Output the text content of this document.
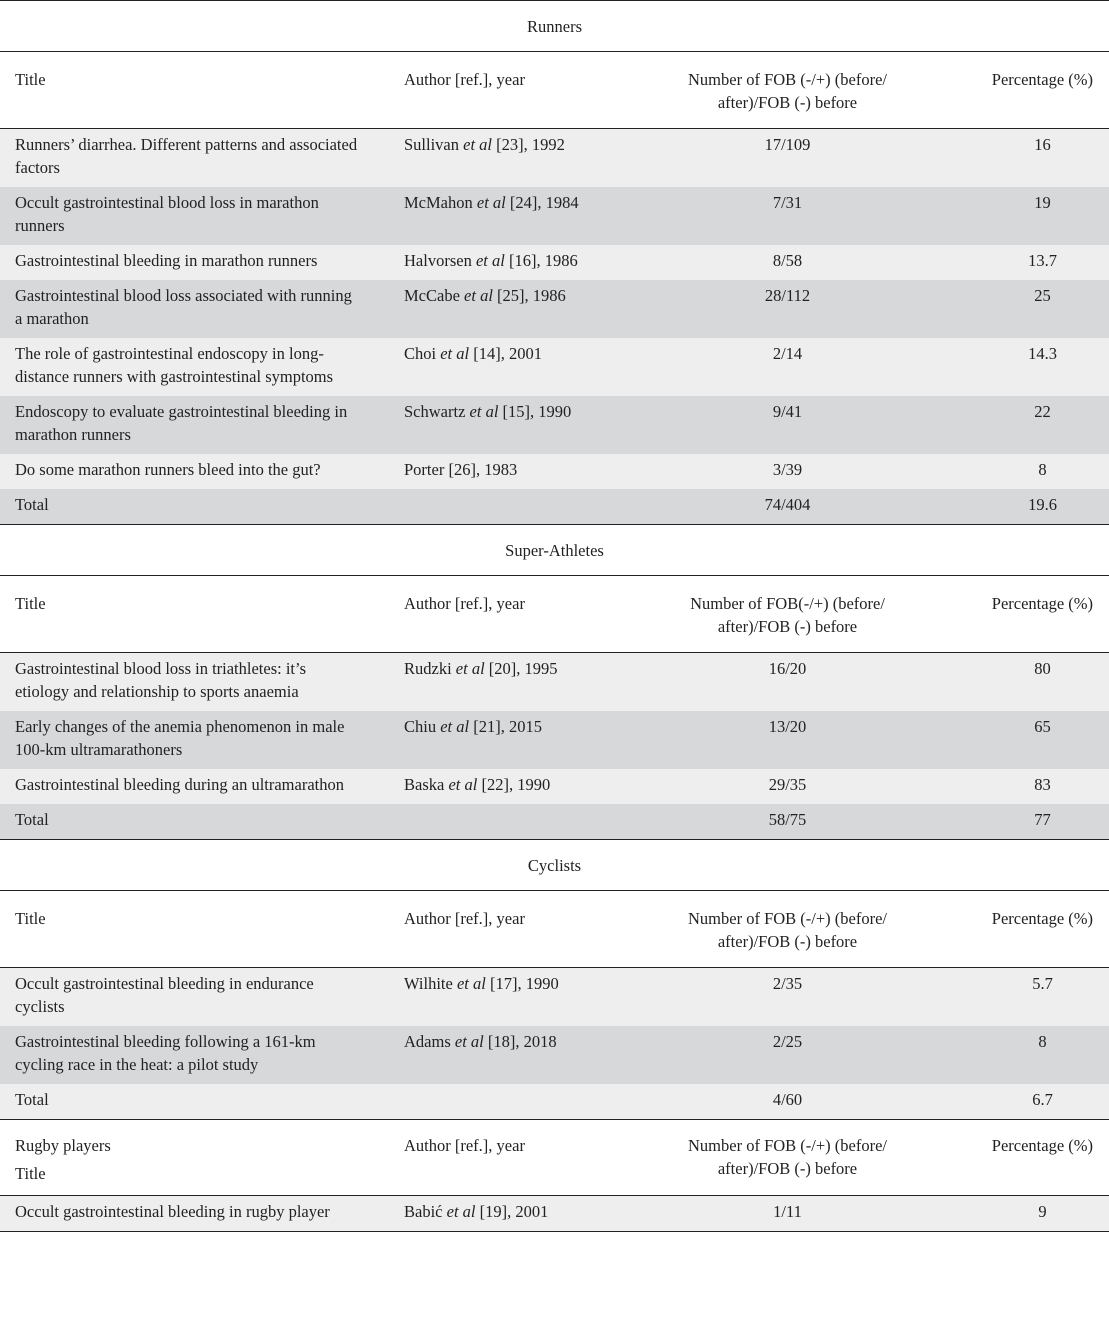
Runners			
Title	Author [ref.], year	Number of FOB (-/+) (before/ after)/FOB (-) before	Percentage (%)
Runners’ diarrhea. Different patterns and associated factors	Sullivan et al [23], 1992	17/109	16
Occult gastrointestinal blood loss in marathon runners	McMahon et al [24], 1984	7/31	19
Gastrointestinal bleeding in marathon runners	Halvorsen et al [16], 1986	8/58	13.7
Gastrointestinal blood loss associated with running a marathon	McCabe et al [25], 1986	28/112	25
The role of gastrointestinal endoscopy in long-distance runners with gastrointestinal symptoms	Choi et al [14], 2001	2/14	14.3
Endoscopy to evaluate gastrointestinal bleeding in marathon runners	Schwartz et al [15], 1990	9/41	22
Do some marathon runners bleed into the gut?	Porter [26], 1983	3/39	8
Total		74/404	19.6
Super-Athletes			
Title	Author [ref.], year	Number of FOB(-/+) (before/ after)/FOB (-) before	Percentage (%)
Gastrointestinal blood loss in triathletes: it’s etiology and relationship to sports anaemia	Rudzki et al [20], 1995	16/20	80
Early changes of the anemia phenomenon in male 100-km ultramarathoners	Chiu et al [21], 2015	13/20	65
Gastrointestinal bleeding during an ultramarathon	Baska et al [22], 1990	29/35	83
Total		58/75	77
Cyclists			
Title	Author [ref.], year	Number of FOB (-/+) (before/ after)/FOB (-) before	Percentage (%)
Occult gastrointestinal bleeding in endurance cyclists	Wilhite et al [17], 1990	2/35	5.7
Gastrointestinal bleeding following a 161-km cycling race in the heat: a pilot study	Adams et al [18], 2018	2/25	8
Total		4/60	6.7
Rugby players
Title	Author [ref.], year	Number of FOB (-/+) (before/ after)/FOB (-) before	Percentage (%)
Occult gastrointestinal bleeding in rugby player	Babić et al [19], 2001	1/11	9
